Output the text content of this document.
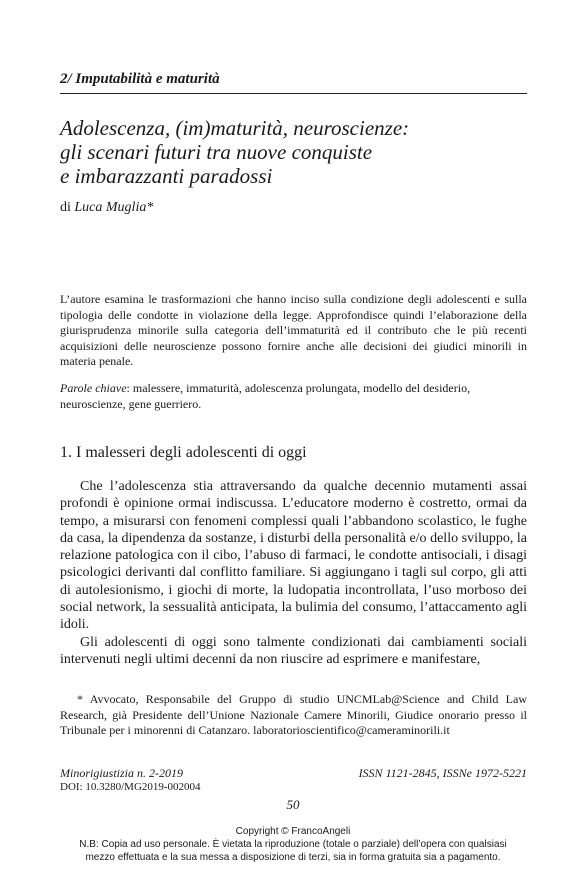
2/ Imputabilità e maturità
Adolescenza, (im)maturità, neuroscienze:
gli scenari futuri tra nuove conquiste
e imbarazzanti paradossi
di Luca Muglia*
L’autore esamina le trasformazioni che hanno inciso sulla condizione degli adolescenti e sulla tipologia delle condotte in violazione della legge. Approfondisce quindi l’elaborazione della giurisprudenza minorile sulla categoria dell’immaturità ed il contributo che le più recenti acquisizioni delle neuroscienze possono fornire anche alle decisioni dei giudici minorili in materia penale.
Parole chiave: malessere, immaturità, adolescenza prolungata, modello del desiderio, neuroscienze, gene guerriero.
1. I malesseri degli adolescenti di oggi

Che l’adolescenza stia attraversando da qualche decennio mutamenti assai profondi è opinione ormai indiscussa. L’educatore moderno è costretto, ormai da tempo, a misurarsi con fenomeni complessi quali l’abbandono scolastico, le fughe da casa, la dipendenza da sostanze, i disturbi della personalità e/o dello sviluppo, la relazione patologica con il cibo, l’abuso di farmaci, le condotte antisociali, i disagi psicologici derivanti dal conflitto familiare. Si aggiungano i tagli sul corpo, gli atti di autolesionismo, i giochi di morte, la ludopatia incontrollata, l’uso morboso dei social network, la sessualità anticipata, la bulimia del consumo, l’attaccamento agli idoli.

Gli adolescenti di oggi sono talmente condizionati dai cambiamenti sociali intervenuti negli ultimi decenni da non riuscire ad esprimere e manifestare,

* Avvocato, Responsabile del Gruppo di studio UNCMLab@Science and Child Law Research, già Presidente dell’Unione Nazionale Camere Minorili, Giudice onorario presso il Tribunale per i minorenni di Catanzaro. laboratorioscientifico@cameraminorili.it

Minorigiustizia n. 2-2019	ISSN 1121-2845, ISSNe 1972-5221
DOI: 10.3280/MG2019-002004
50
Copyright © FrancoAngeli
N.B: Copia ad uso personale. È vietata la riproduzione (totale o parziale) dell’opera con qualsiasi
mezzo effettuata e la sua messa a disposizione di terzi, sia in forma gratuita sia a pagamento.
